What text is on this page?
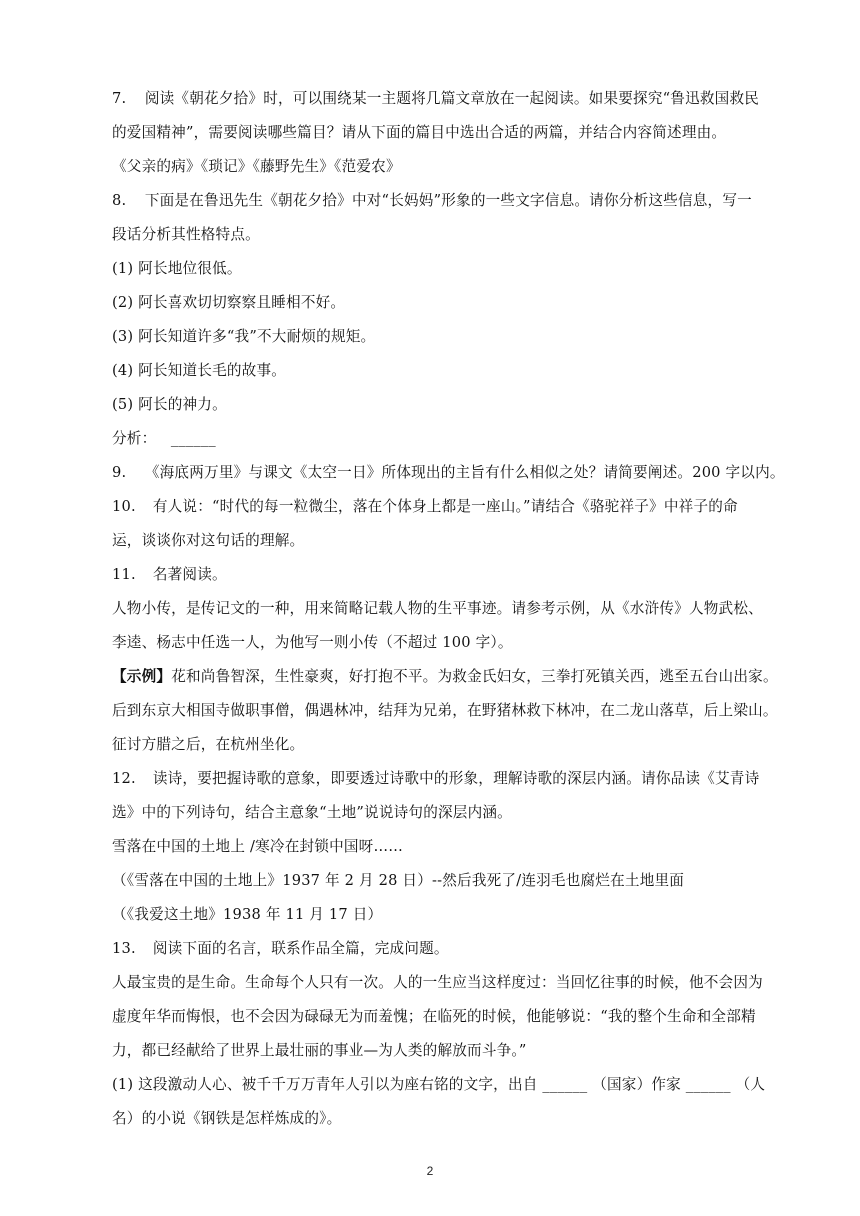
7. 阅读《朝花夕拾》时，可以围绕某一主题将几篇文章放在一起阅读。如果要探究“鲁迅救国救民
的爱国精神”，需要阅读哪些篇目？请从下面的篇目中选出合适的两篇，并结合内容简述理由。
《父亲的病》《琐记》《藤野先生》《范爱农》
8. 下面是在鲁迅先生《朝花夕拾》中对“长妈妈”形象的一些文字信息。请你分析这些信息，写一
段话分析其性格特点。
(1) 阿长地位很低。
(2) 阿长喜欢切切察察且睡相不好。
(3) 阿长知道许多“我”不大耐烦的规矩。
(4) 阿长知道长毛的故事。
(5) 阿长的神力。
分析： ______
9. 《海底两万里》与课文《太空一日》所体现出的主旨有什么相似之处？请简要阐述。200 字以内。
10. 有人说：“时代的每一粒微尘，落在个体身上都是一座山。”请结合《骆驼祥子》中祥子的命
运，谈谈你对这句话的理解。
11. 名著阅读。
人物小传，是传记文的一种，用来简略记载人物的生平事迹。请参考示例，从《水浒传》人物武松、
李逵、杨志中任选一人，为他写一则小传（不超过 100 字）。
【示例】花和尚鲁智深，生性豪爽，好打抱不平。为救金氏妇女，三拳打死镇关西，逃至五台山出家。
后到东京大相国寺做职事僧，偶遇林冲，结拜为兄弟，在野猪林救下林冲，在二龙山落草，后上梁山。
征讨方腊之后，在杭州坐化。
12. 读诗，要把握诗歌的意象，即要透过诗歌中的形象，理解诗歌的深层内涵。请你品读《艾青诗
选》中的下列诗句，结合主意象“土地”说说诗句的深层内涵。
雪落在中国的土地上 /寒冷在封锁中国呀……
（《雪落在中国的土地上》1937 年 2 月 28 日）--然后我死了/连羽毛也腐烂在土地里面
（《我爱这土地》1938 年 11 月 17 日）
13. 阅读下面的名言，联系作品全篇，完成问题。
人最宝贵的是生命。生命每个人只有一次。人的一生应当这样度过：当回忆往事的时候，他不会因为
虚度年华而悔恨，也不会因为碌碌无为而羞愧；在临死的时候，他能够说：“我的整个生命和全部精
力，都已经献给了世界上最壮丽的事业—为人类的解放而斗争。”
(1) 这段激动人心、被千千万万青年人引以为座右铭的文字，出自 ______ （国家）作家 ______ （人
名）的小说《钢铁是怎样炼成的》。
2
